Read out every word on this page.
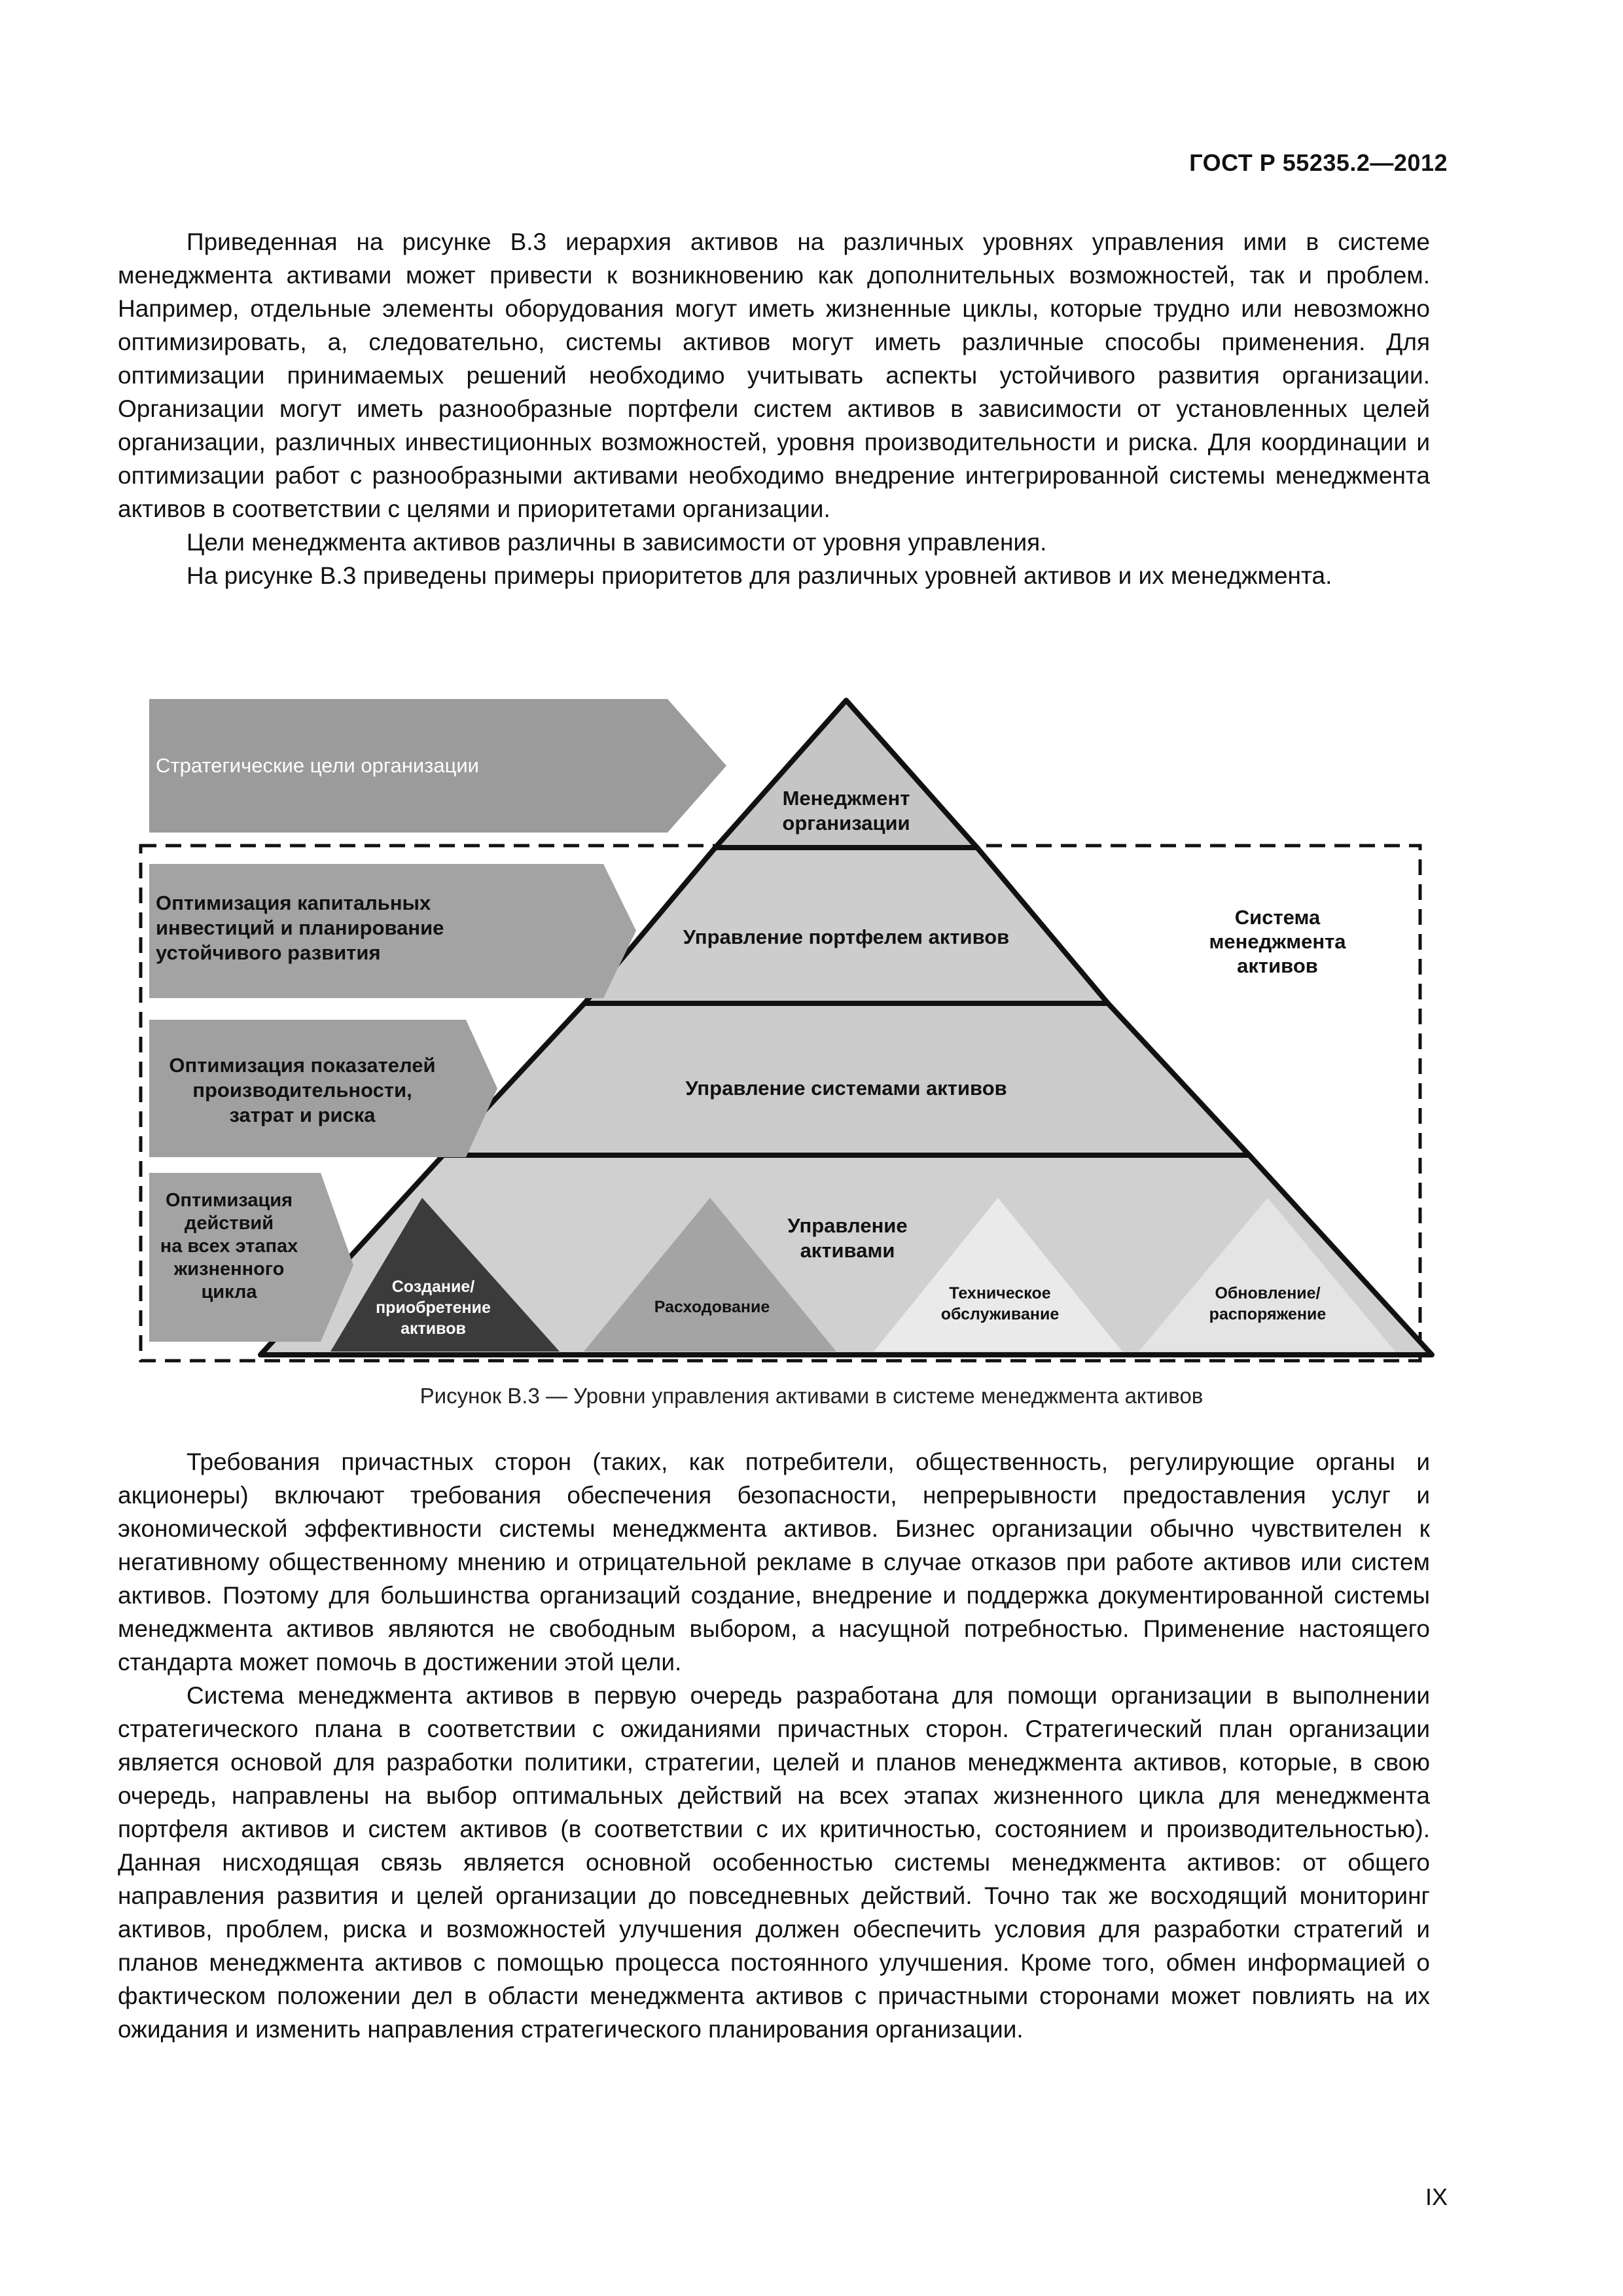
ГОСТ Р 55235.2—2012

Приведенная на рисунке В.3 иерархия активов на различных уровнях управления ими в системе менеджмента активами может привести к возникновению как дополнительных возможностей, так и проблем. Например, отдельные элементы оборудования могут иметь жизненные циклы, которые трудно или невозможно оптимизировать, а, следовательно, системы активов могут иметь различные способы применения. Для оптимизации принимаемых решений необходимо учитывать аспекты устойчивого развития организации. Организации могут иметь разнообразные портфели систем активов в зависимости от установленных целей организации, различных инвестиционных возможностей, уровня производительности и риска. Для координации и оптимизации работ с разнообразными активами необходимо внедрение интегрированной системы менеджмента активов в соответствии с целями и приоритетами организации.

Цели менеджмента активов различны в зависимости от уровня управления.

На рисунке В.3 приведены примеры приоритетов для различных уровней активов и их менеджмента.

Стратегические цели организации
Оптимизация капитальных
инвестиций и планирование
устойчивого развития
Оптимизация показателей
производительности,
затрат и риска
Оптимизация
действий
на всех этапах
жизненного
цикла
Менеджмент
организации
Управление портфелем активов
Управление системами активов
Управление
активами
Создание/
приобретение
активов
Расходование
Техническое
обслуживание
Обновление/
распоряжение
Система
менеджмента
активов
Рисунок В.3 — Уровни управления активами в системе менеджмента активов

Требования причастных сторон (таких, как потребители, общественность, регулирующие органы и акционеры) включают требования обеспечения безопасности, непрерывности предоставления услуг и экономической эффективности системы менеджмента активов. Бизнес организации обычно чувствителен к негативному общественному мнению и отрицательной рекламе в случае отказов при работе активов или систем активов. Поэтому для большинства организаций создание, внедрение и поддержка документированной системы менеджмента активов являются не свободным выбором, а насущной потребностью. Применение настоящего стандарта может помочь в достижении этой цели.

Система менеджмента активов в первую очередь разработана для помощи организации в выполнении стратегического плана в соответствии с ожиданиями причастных сторон. Стратегический план организации является основой для разработки политики, стратегии, целей и планов менеджмента активов, которые, в свою очередь, направлены на выбор оптимальных действий на всех этапах жизненного цикла для менеджмента портфеля активов и систем активов (в соответствии с их критичностью, состоянием и производительностью). Данная нисходящая связь является основной особенностью системы менеджмента активов: от общего направления развития и целей организации до повседневных действий. Точно так же восходящий мониторинг активов, проблем, риска и возможностей улучшения должен обеспечить условия для разработки стратегий и планов менеджмента активов с помощью процесса постоянного улучшения. Кроме того, обмен информацией о фактическом положении дел в области менеджмента активов с причастными сторонами может повлиять на их ожидания и изменить направления стратегического планирования организации.

IX
